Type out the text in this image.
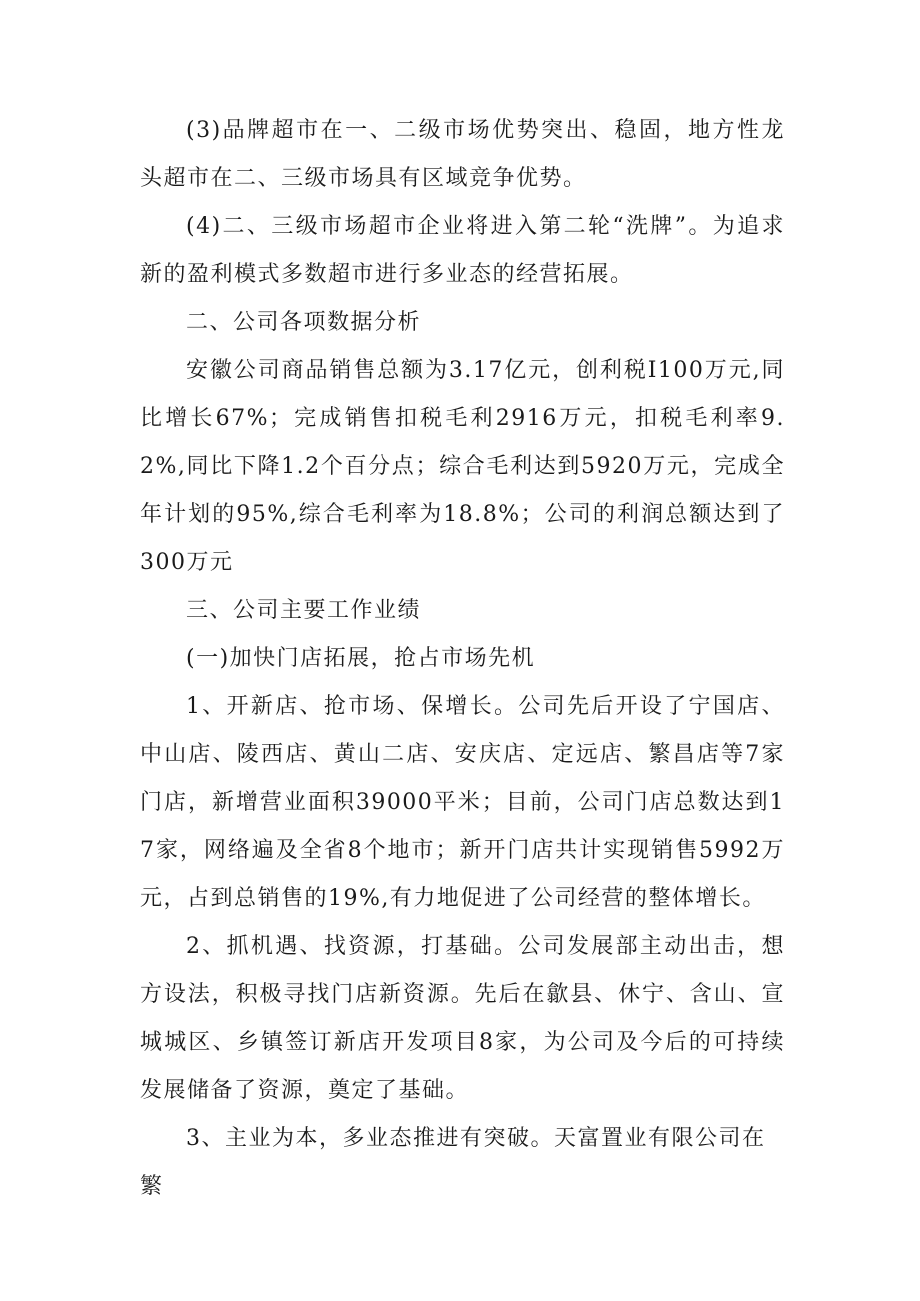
(3)品牌超市在一、二级市场优势突出、稳固，地方性龙头超市在二、三级市场具有区域竞争优势。

(4)二、三级市场超市企业将进入第二轮“洗牌”。为追求新的盈利模式多数超市进行多业态的经营拓展。

二、公司各项数据分析

安徽公司商品销售总额为3.17亿元，创利税I100万元,同比增长67%；完成销售扣税毛利2916万元，扣税毛利率9.2%,同比下降1.2个百分点；综合毛利达到5920万元，完成全年计划的95%,综合毛利率为18.8%；公司的利润总额达到了300万元

三、公司主要工作业绩

(一)加快门店拓展，抢占市场先机

1、开新店、抢市场、保增长。公司先后开设了宁国店、中山店、陵西店、黄山二店、安庆店、定远店、繁昌店等7家门店，新增营业面积39000平米；目前，公司门店总数达到17家，网络遍及全省8个地市；新开门店共计实现销售5992万元，占到总销售的19%,有力地促进了公司经营的整体增长。

2、抓机遇、找资源，打基础。公司发展部主动出击，想方设法，积极寻找门店新资源。先后在歙县、休宁、含山、宣城城区、乡镇签订新店开发项目8家，为公司及今后的可持续发展储备了资源，奠定了基础。

3、主业为本，多业态推进有突破。天富置业有限公司在繁
